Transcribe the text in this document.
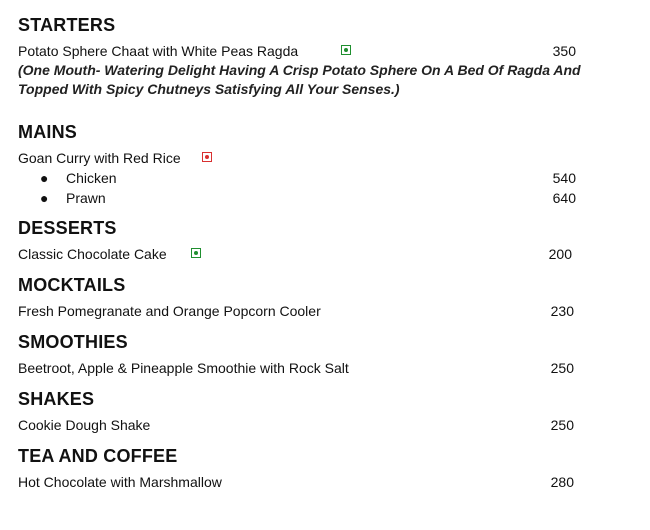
STARTERS
Potato Sphere Chaat with White Peas Ragda	350
(One Mouth- Watering Delight Having A Crisp Potato Sphere On A Bed Of Ragda And Topped With Spicy Chutneys Satisfying All Your Senses.)
MAINS
Goan Curry with Red Rice
● Chicken	540
● Prawn	640
DESSERTS
Classic Chocolate Cake	200
MOCKTAILS
Fresh Pomegranate and Orange Popcorn Cooler	230
SMOOTHIES
Beetroot, Apple & Pineapple Smoothie with Rock Salt	250
SHAKES
Cookie Dough Shake	250
TEA AND COFFEE
Hot Chocolate with Marshmallow	280
